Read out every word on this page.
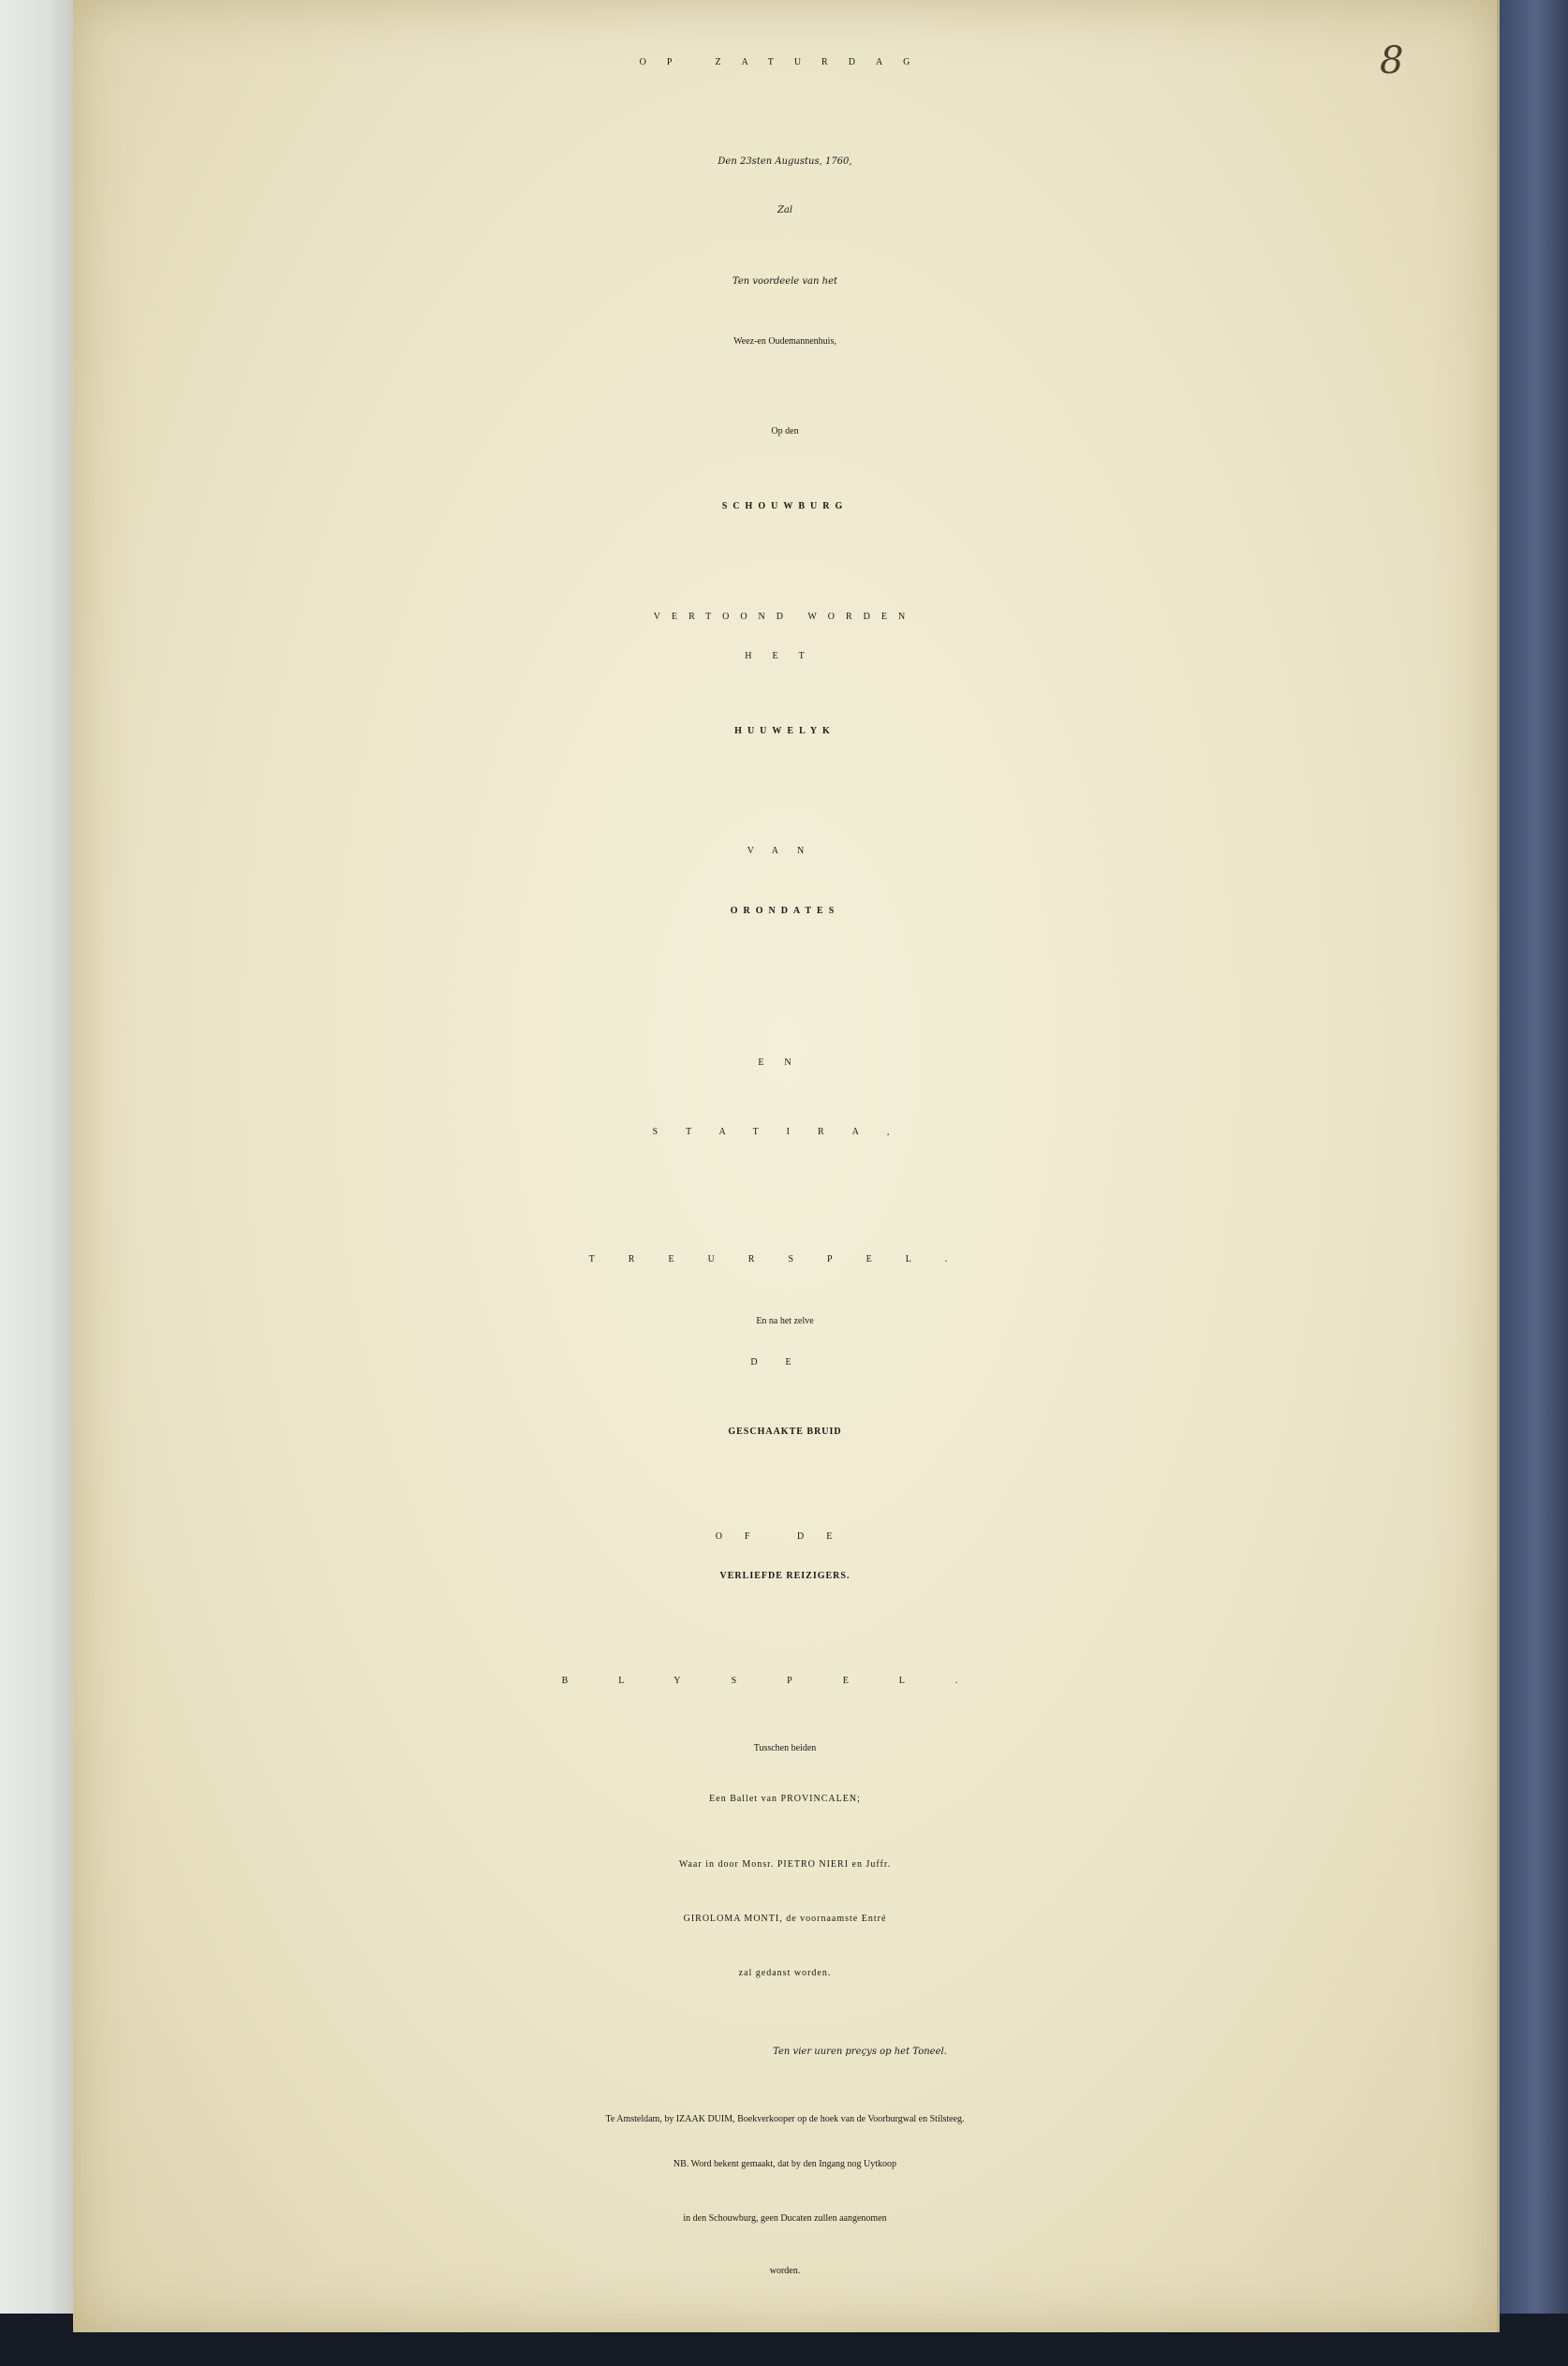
8
OP ZATURDAG
Den 23sten Augustus, 1760,
Zal
Ten voordeele van het
Weez-en Oudemannenhuis,
Op den
SCHOUWBURG
VERTOOND WORDEN
HET
HUUWELYK
VAN
ORONDATES
EN
STATIRA,
TREURSPEL.
En na het zelve
DE
GESCHAAKTE BRUID
OF DE
VERLIEFDE REIZIGERS.
BLYSPEL.
Tusschen beiden
Een Ballet van PROVINCALEN;
Waar in door Monsr. PIETRO NIERI en Juffr.
GIROLOMA MONTI, de voornaamste Entré
zal gedanst worden.
Ten vier uuren preçys op het Toneel.
Te Amsteldam, by IZAAK DUIM, Boekverkooper op de hoek van de Voorburgwal en Stilsteeg.
NB. Word bekent gemaakt, dat by den Ingang nog Uytkoop
in den Schouwburg, geen Ducaten zullen aangenomen
worden.
